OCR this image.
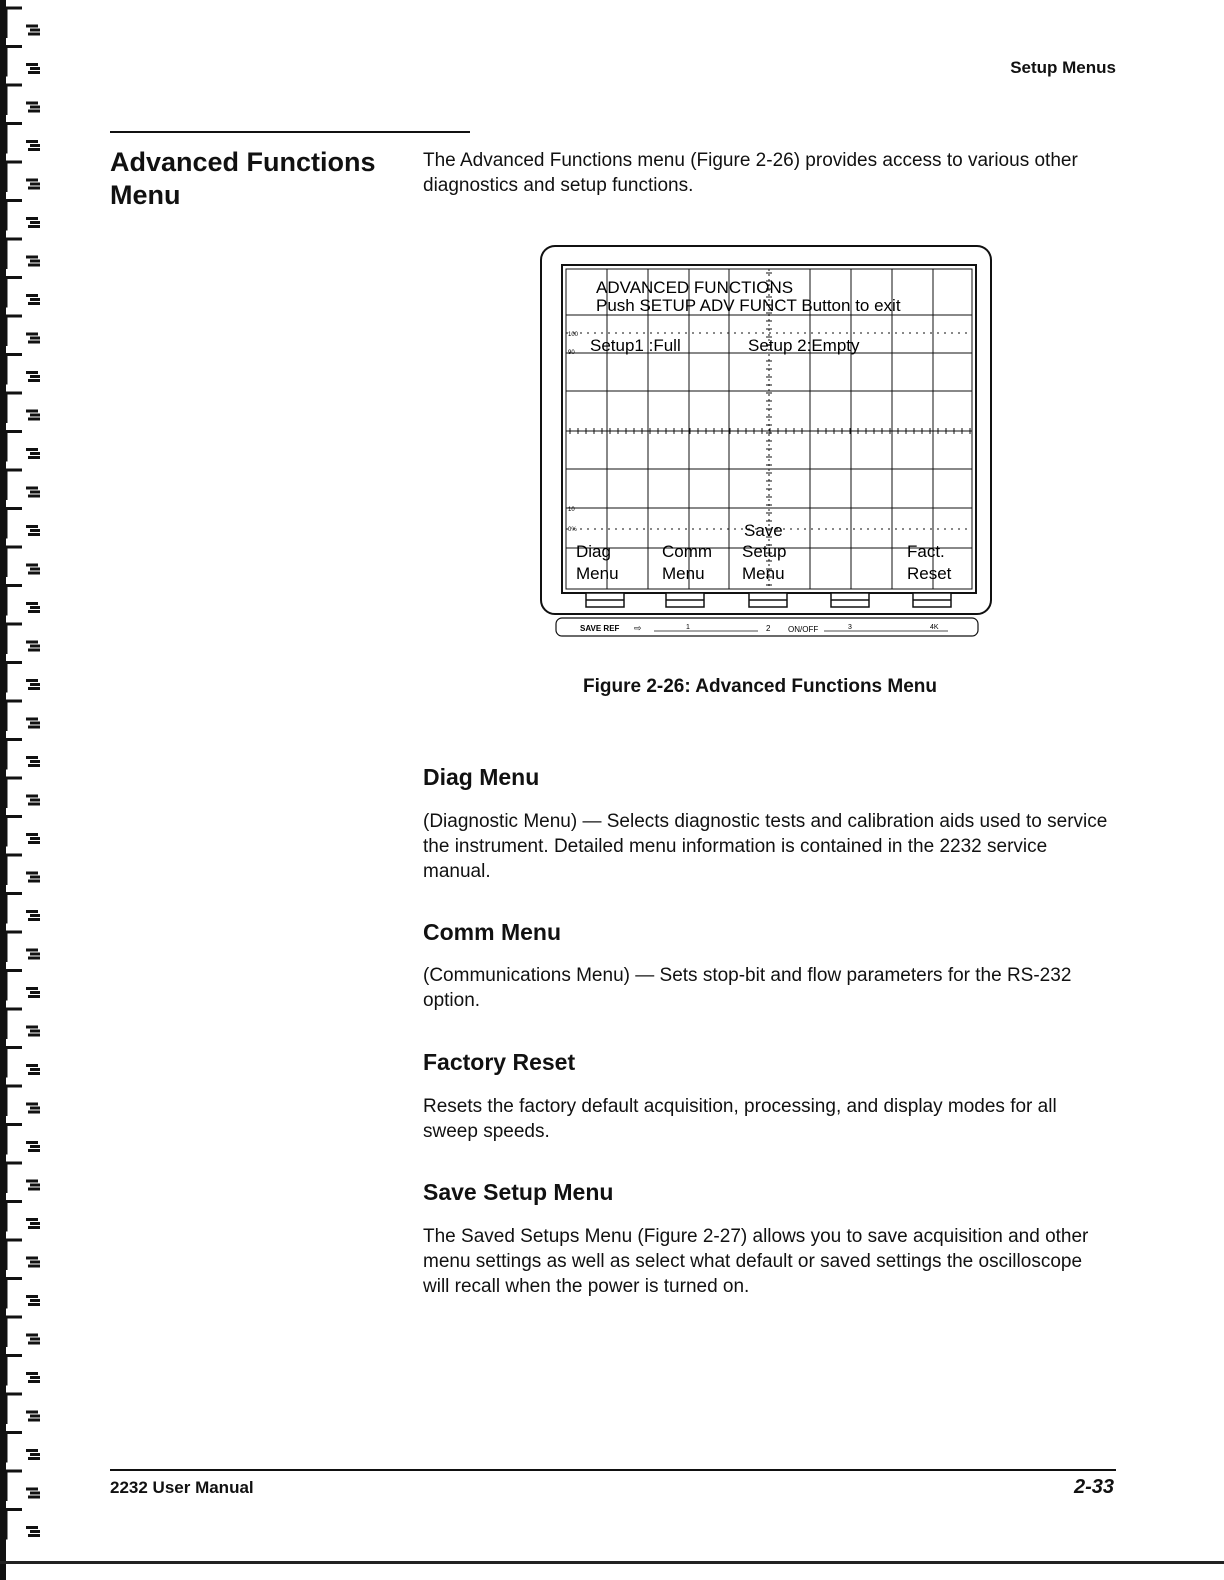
Setup Menus
Advanced Functions Menu

The Advanced Functions menu (Figure 2-26) provides access to various other diagnostics and setup functions.

ADVANCED FUNCTIONS
Push SETUP ADV FUNCT Button to exit
100
90 Setup1 :Full	Setup 2:Empty
10
0%
Diag
Menu
Comm
Menu
Save
Setup
Menu
Fact.
Reset
SAVE REF ⇨	1	2 ON/OFF	3	4K
Figure 2-26: Advanced Functions Menu
Diag Menu

(Diagnostic Menu) — Selects diagnostic tests and calibration aids used to service the instrument. Detailed menu information is contained in the 2232 service manual.

Comm Menu

(Communications Menu) — Sets stop-bit and flow parameters for the RS-232 option.

Factory Reset

Resets the factory default acquisition, processing, and display modes for all sweep speeds.

Save Setup Menu

The Saved Setups Menu (Figure 2-27) allows you to save acquisition and other menu settings as well as select what default or saved settings the oscilloscope will recall when the power is turned on.

2232 User Manual	2-33
